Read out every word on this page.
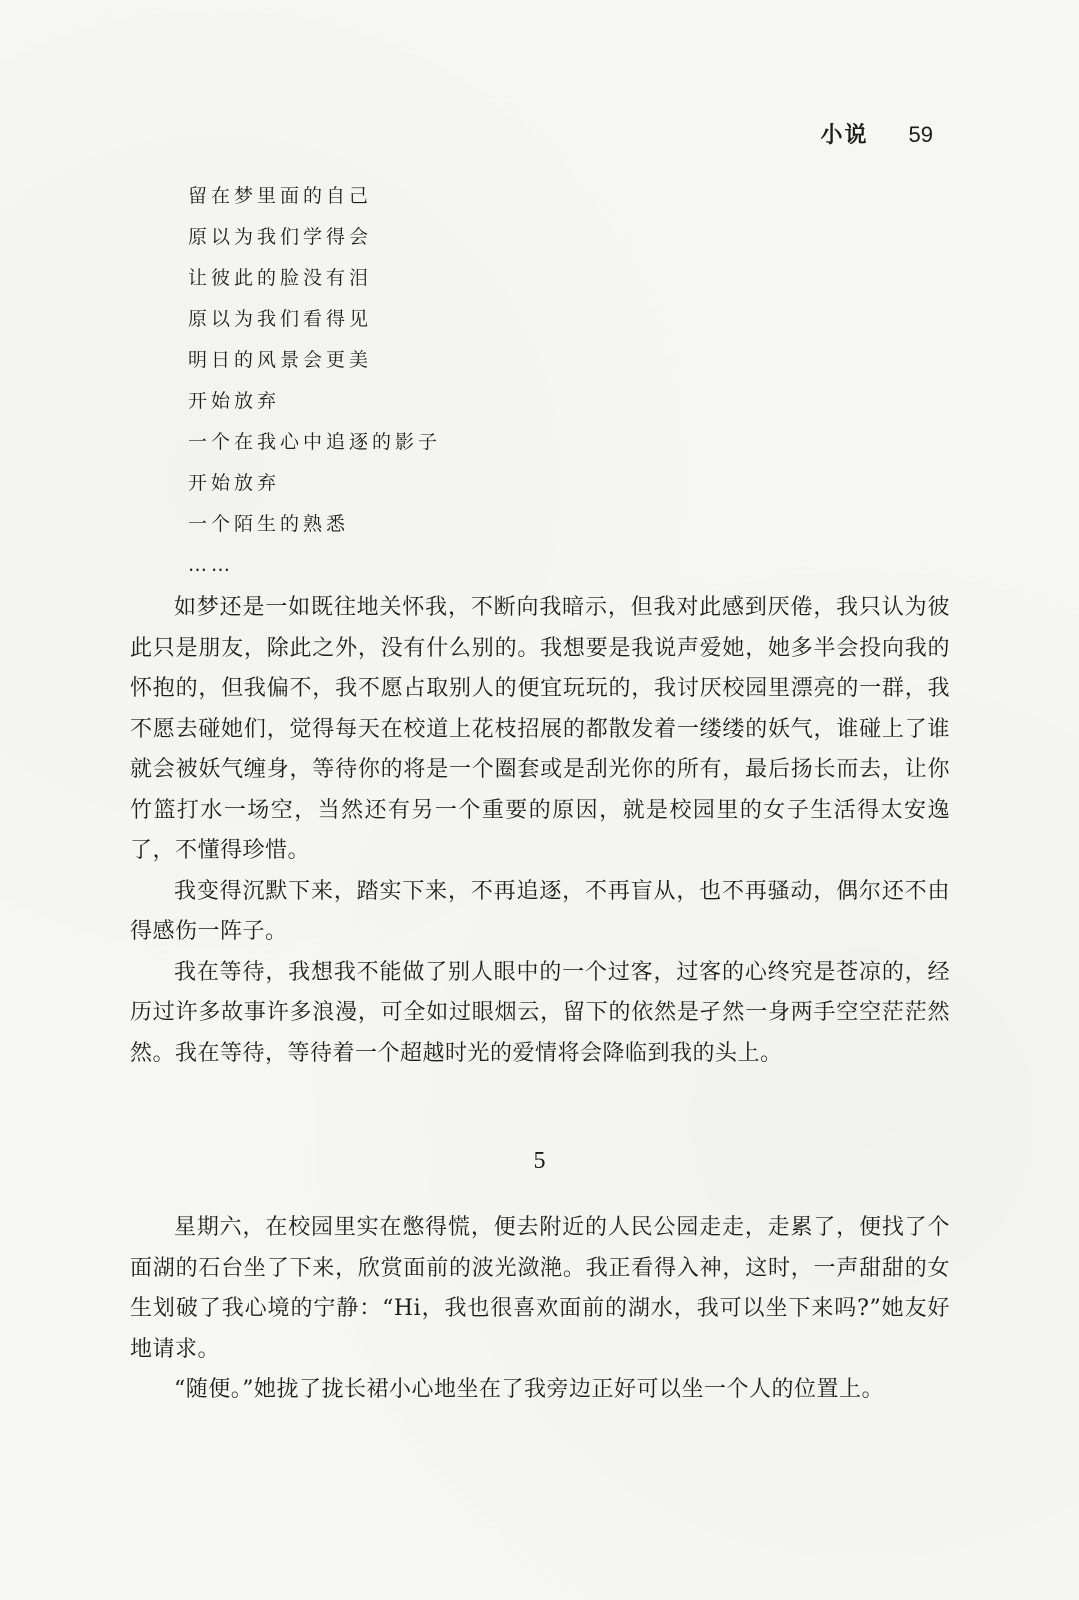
小说 59
留在梦里面的自己
原以为我们学得会
让彼此的脸没有泪
原以为我们看得见
明日的风景会更美
开始放弃
一个在我心中追逐的影子
开始放弃
一个陌生的熟悉
……

如梦还是一如既往地关怀我，不断向我暗示，但我对此感到厌倦，我只认为彼此只是朋友，除此之外，没有什么别的。我想要是我说声爱她，她多半会投向我的怀抱的，但我偏不，我不愿占取别人的便宜玩玩的，我讨厌校园里漂亮的一群，我不愿去碰她们，觉得每天在校道上花枝招展的都散发着一缕缕的妖气，谁碰上了谁就会被妖气缠身，等待你的将是一个圈套或是刮光你的所有，最后扬长而去，让你竹篮打水一场空，当然还有另一个重要的原因，就是校园里的女子生活得太安逸了，不懂得珍惜。

我变得沉默下来，踏实下来，不再追逐，不再盲从，也不再骚动，偶尔还不由得感伤一阵子。

我在等待，我想我不能做了别人眼中的一个过客，过客的心终究是苍凉的，经历过许多故事许多浪漫，可全如过眼烟云，留下的依然是孑然一身两手空空茫茫然然。我在等待，等待着一个超越时光的爱情将会降临到我的头上。

5

星期六，在校园里实在憋得慌，便去附近的人民公园走走，走累了，便找了个面湖的石台坐了下来，欣赏面前的波光潋滟。我正看得入神，这时，一声甜甜的女生划破了我心境的宁静：“Hi，我也很喜欢面前的湖水，我可以坐下来吗?”她友好地请求。

“随便。”她拢了拢长裙小心地坐在了我旁边正好可以坐一个人的位置上。
